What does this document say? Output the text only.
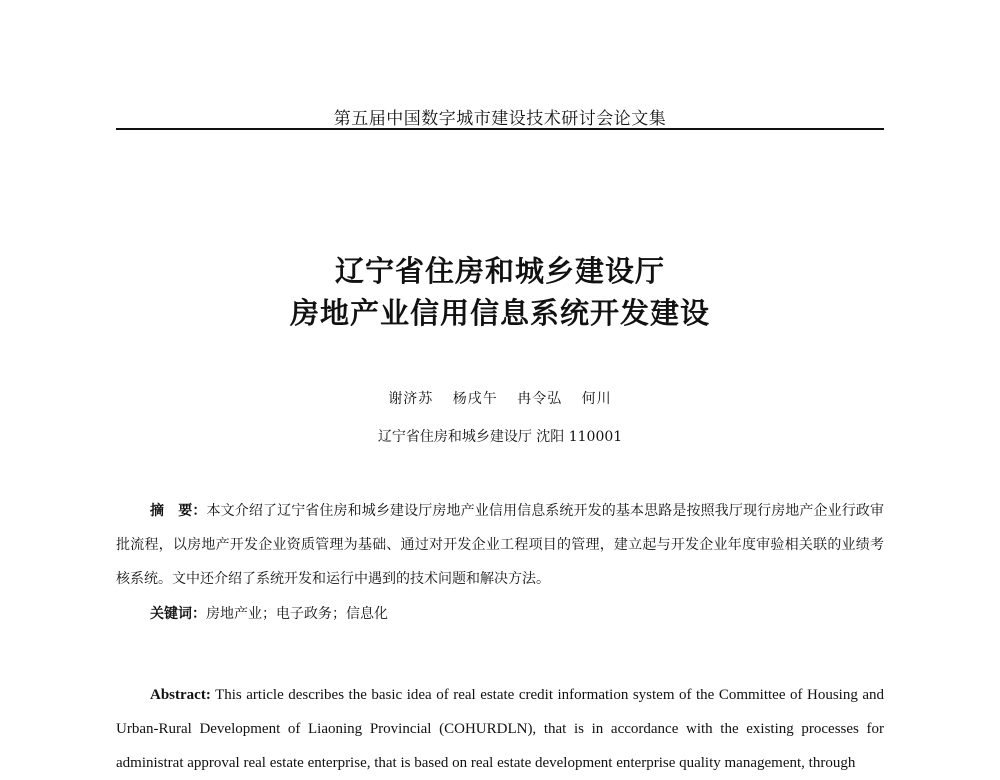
第五届中国数字城市建设技术研讨会论文集
辽宁省住房和城乡建设厅
房地产业信用信息系统开发建设
谢济苏 杨戌午 冉令弘 何川
辽宁省住房和城乡建设厅 沈阳 110001
摘　要：本文介绍了辽宁省住房和城乡建设厅房地产业信用信息系统开发的基本思路是按照我厅现行房地产企业行政审批流程，以房地产开发企业资质管理为基础、通过对开发企业工程项目的管理，建立起与开发企业年度审验相关联的业绩考核系统。文中还介绍了系统开发和运行中遇到的技术问题和解决方法。
关键词：房地产业；电子政务；信息化
Abstract: This article describes the basic idea of real estate credit information system of the Committee of Housing and Urban-Rural Development of Liaoning Provincial (COHURDLN), that is in accordance with the existing processes for administrat approval real estate enterprise, that is based on real estate development enterprise quality management, through
